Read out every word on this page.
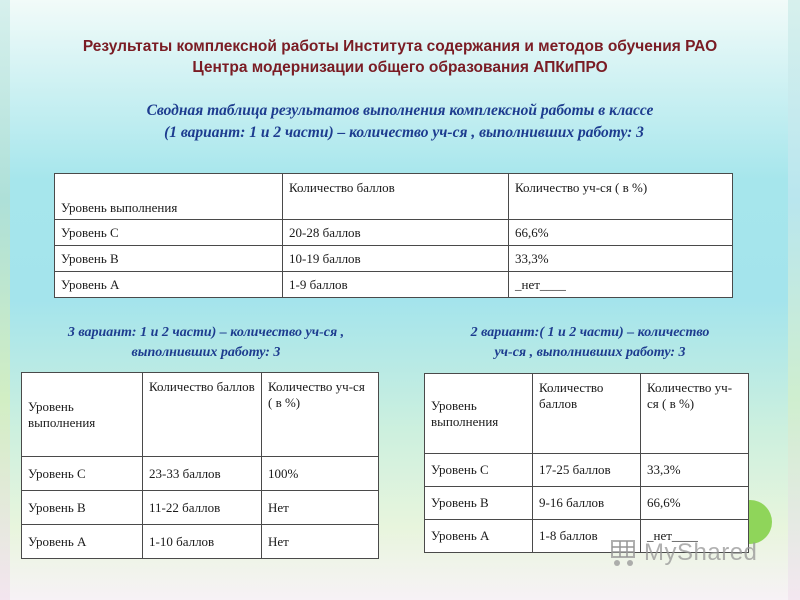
Результаты комплексной работы Института содержания и методов обучения РАО
Центра модернизации общего образования АПКиПРО
Сводная таблица результатов выполнения комплексной работы в классе
(1 вариант: 1 и 2 части) – количество уч-ся , выполнивших работу: 3
Уровень выполнения	Количество баллов	Количество уч-ся ( в %)
Уровень С	20-28 баллов	66,6%
Уровень В	10-19 баллов	33,3%
Уровень А	1-9 баллов	_нет____
3 вариант: 1 и 2 части) – количество уч-ся ,
выполнивших работу: 3
Уровень выполнения	Количество баллов	Количество уч-ся ( в %)
Уровень С	23-33 баллов	100%
Уровень В	11-22 баллов	Нет
Уровень А	1-10 баллов	Нет
2 вариант:( 1 и 2 части) – количество
уч-ся , выполнивших работу: 3
Уровень выполнения	Количество баллов	Количество уч-ся ( в %)
Уровень С	17-25 баллов	33,3%
Уровень В	9-16 баллов	66,6%
Уровень А	1-8 баллов	_нет____
MyShared
